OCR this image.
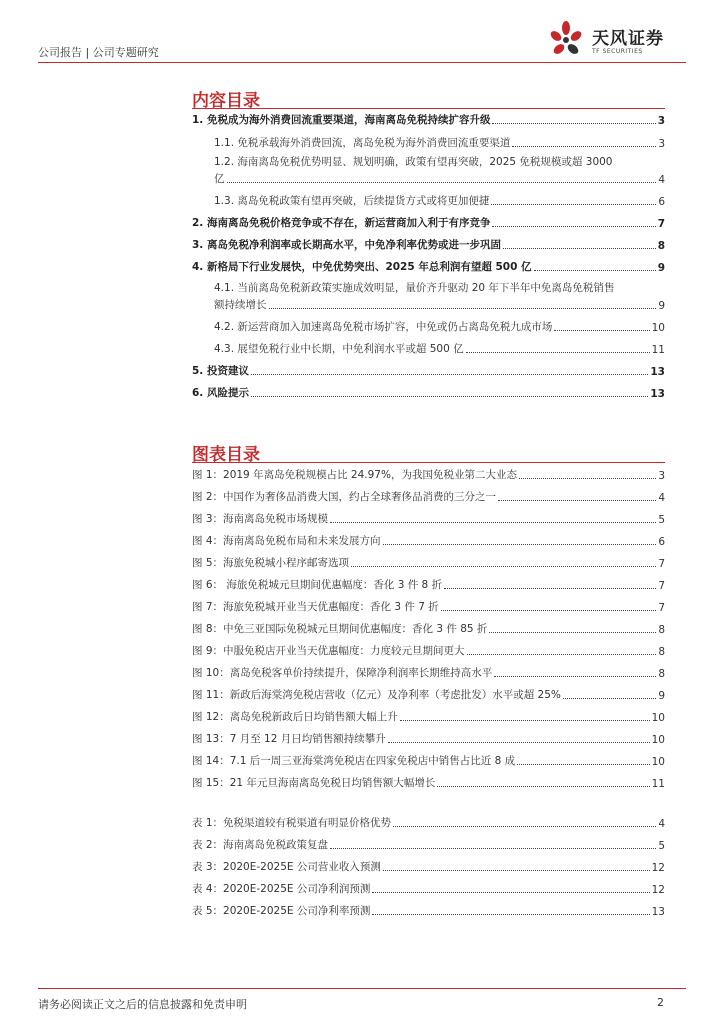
公司报告 | 公司专题研究
天风证券
TF SECURITIES
内容目录
1. 免税成为海外消费回流重要渠道，海南离岛免税持续扩容升级	3
1.1. 免税承载海外消费回流，离岛免税为海外消费回流重要渠道	3
1.2. 海南离岛免税优势明显、规划明确，政策有望再突破，2025 免税规模或超 3000
亿	4
1.3. 离岛免税政策有望再突破，后续提货方式或将更加便捷	6
2. 海南离岛免税价格竞争或不存在，新运营商加入利于有序竞争	7
3. 离岛免税净利润率或长期高水平，中免净利率优势或进一步巩固	8
4. 新格局下行业发展快，中免优势突出、2025 年总利润有望超 500 亿	9
4.1. 当前离岛免税新政策实施成效明显，量价齐升驱动 20 年下半年中免离岛免税销售
额持续增长	9
4.2. 新运营商加入加速离岛免税市场扩容，中免或仍占离岛免税九成市场	10
4.3. 展望免税行业中长期，中免利润水平或超 500 亿	11
5. 投资建议	13
6. 风险提示	13
图表目录
图 1：2019 年离岛免税规模占比 24.97%，为我国免税业第二大业态	3
图 2：中国作为奢侈品消费大国，约占全球奢侈品消费的三分之一	4
图 3：海南离岛免税市场规模	5
图 4：海南离岛免税布局和未来发展方向	6
图 5：海旅免税城小程序邮寄选项	7
图 6： 海旅免税城元旦期间优惠幅度：香化 3 件 8 折	7
图 7：海旅免税城开业当天优惠幅度：香化 3 件 7 折	7
图 8：中免三亚国际免税城元旦期间优惠幅度：香化 3 件 85 折	8
图 9：中服免税店开业当天优惠幅度：力度较元旦期间更大	8
图 10：离岛免税客单价持续提升，保障净利润率长期维持高水平	8
图 11：新政后海棠湾免税店营收（亿元）及净利率（考虑批发）水平或超 25%	9
图 12：离岛免税新政后日均销售额大幅上升	10
图 13：7 月至 12 月日均销售额持续攀升	10
图 14：7.1 后一周三亚海棠湾免税店在四家免税店中销售占比近 8 成	10
图 15：21 年元旦海南离岛免税日均销售额大幅增长	11
表 1：免税渠道较有税渠道有明显价格优势	4
表 2：海南离岛免税政策复盘	5
表 3：2020E-2025E 公司营业收入预测	12
表 4：2020E-2025E 公司净利润预测	12
表 5：2020E-2025E 公司净利率预测	13
请务必阅读正文之后的信息披露和免责申明	2
